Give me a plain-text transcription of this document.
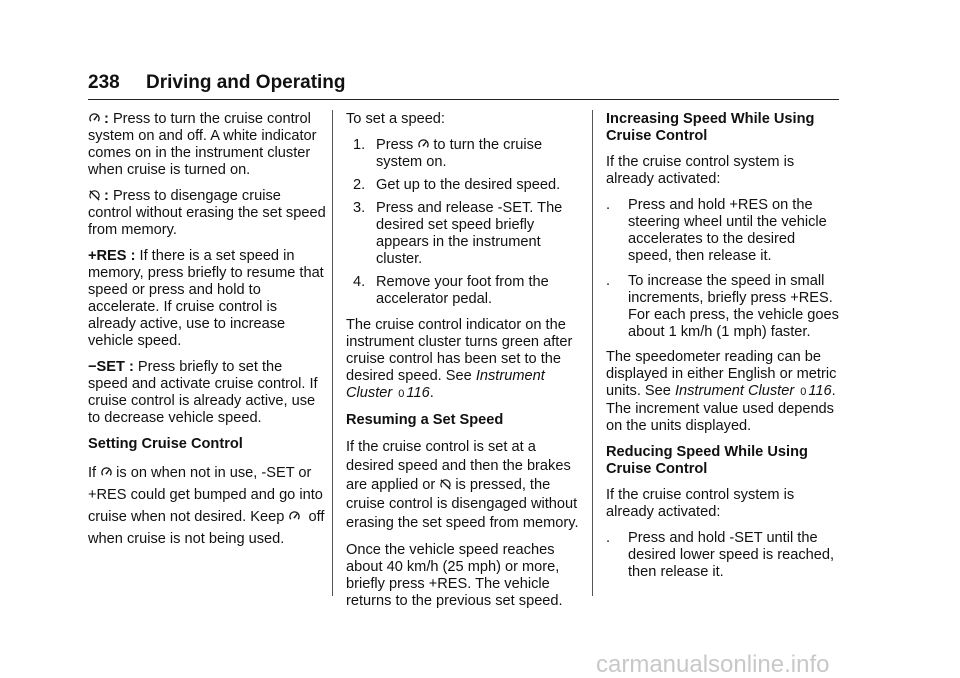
238 Driving and Operating

: Press to turn the cruise control system on and off. A white indicator comes on in the instrument cluster when cruise is turned on.

: Press to disengage cruise control without erasing the set speed from memory.

+RES : If there is a set speed in memory, press briefly to resume that speed or press and hold to accelerate. If cruise control is already active, use to increase vehicle speed.

−SET : Press briefly to set the speed and activate cruise control. If cruise control is already active, use to decrease vehicle speed.

Setting Cruise Control

If is on when not in use, -SET or +RES could get bumped and go into cruise when not desired. Keep off when cruise is not being used.

To set a speed:

1. Press to turn the cruise system on.
2. Get up to the desired speed.
3. Press and release -SET. The desired set speed briefly appears in the instrument cluster.
4. Remove your foot from the accelerator pedal.

The cruise control indicator on the instrument cluster turns green after cruise control has been set to the desired speed. See Instrument Cluster 0 116.

Resuming a Set Speed

If the cruise control is set at a desired speed and then the brakes are applied or is pressed, the cruise control is disengaged without erasing the set speed from memory.

Once the vehicle speed reaches about 40 km/h (25 mph) or more, briefly press +RES. The vehicle returns to the previous set speed.

Increasing Speed While Using Cruise Control

If the cruise control system is already activated:

. Press and hold +RES on the steering wheel until the vehicle accelerates to the desired speed, then release it.
. To increase the speed in small increments, briefly press +RES. For each press, the vehicle goes about 1 km/h (1 mph) faster.

The speedometer reading can be displayed in either English or metric units. See Instrument Cluster 0 116. The increment value used depends on the units displayed.

Reducing Speed While Using Cruise Control

If the cruise control system is already activated:

. Press and hold -SET until the desired lower speed is reached, then release it.
carmanualsonline.info
